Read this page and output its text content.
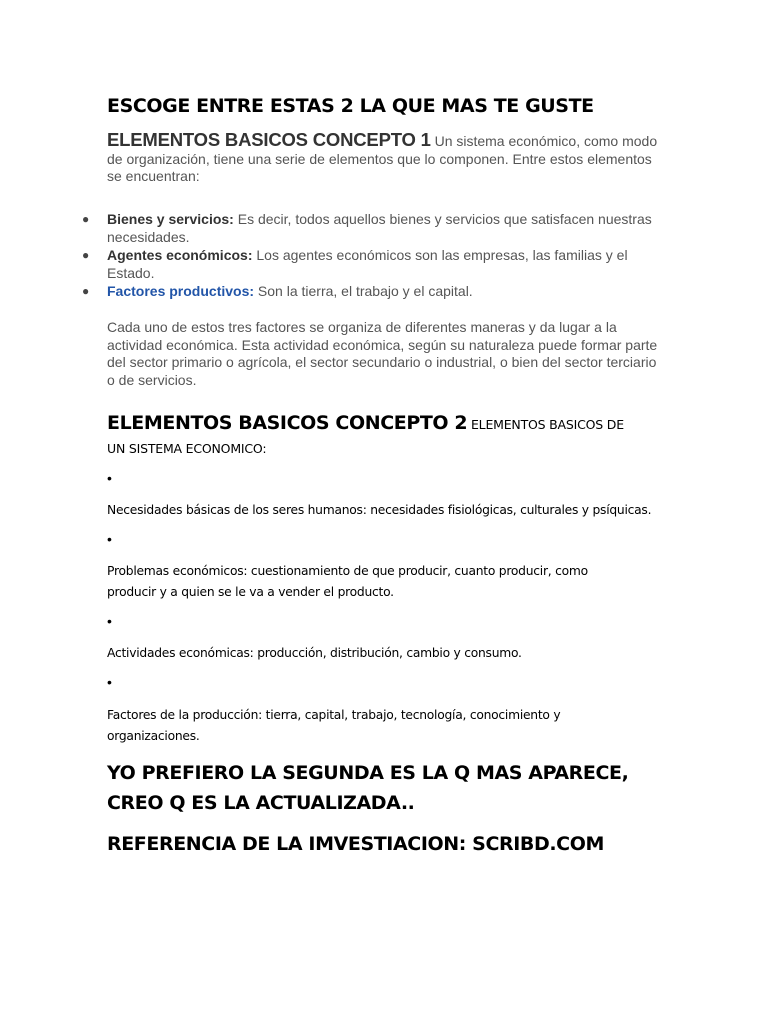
ESCOGE ENTRE ESTAS 2 LA QUE MAS TE GUSTE
ELEMENTOS BASICOS CONCEPTO 1 Un sistema económico, como modo de organización, tiene una serie de elementos que lo componen. Entre estos elementos se encuentran:
● Bienes y servicios: Es decir, todos aquellos bienes y servicios que satisfacen nuestras necesidades.
● Agentes económicos: Los agentes económicos son las empresas, las familias y el Estado.
● Factores productivos: Son la tierra, el trabajo y el capital.
Cada uno de estos tres factores se organiza de diferentes maneras y da lugar a la actividad económica. Esta actividad económica, según su naturaleza puede formar parte del sector primario o agrícola, el sector secundario o industrial, o bien del sector terciario o de servicios.
ELEMENTOS BASICOS CONCEPTO 2 ELEMENTOS BASICOS DE UN SISTEMA ECONOMICO:
•
Necesidades básicas de los seres humanos: necesidades fisiológicas, culturales y psíquicas.
•
Problemas económicos: cuestionamiento de que producir, cuanto producir, como producir y a quien se le va a vender el producto.
•
Actividades económicas: producción, distribución, cambio y consumo.
•
Factores de la producción: tierra, capital, trabajo, tecnología, conocimiento y organizaciones.
YO PREFIERO LA SEGUNDA ES LA Q MAS APARECE, CREO Q ES LA ACTUALIZADA..
REFERENCIA DE LA IMVESTIACION: SCRIBD.COM
